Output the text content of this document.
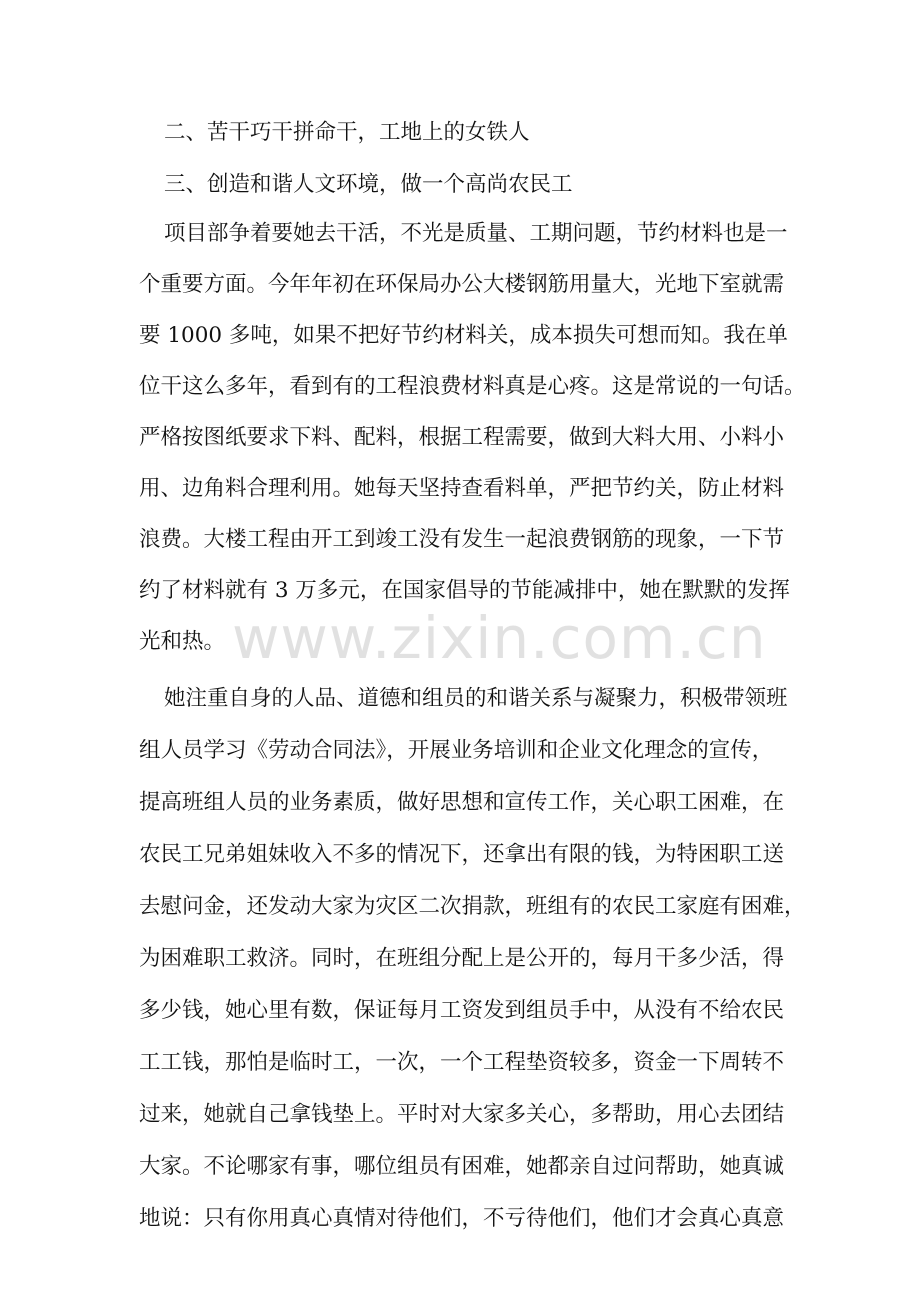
二、苦干巧干拼命干，工地上的女铁人
三、创造和谐人文环境，做一个高尚农民工
项目部争着要她去干活，不光是质量、工期问题，节约材料也是一
个重要方面。今年年初在环保局办公大楼钢筋用量大，光地下室就需
要 1000 多吨，如果不把好节约材料关，成本损失可想而知。我在单
位干这么多年，看到有的工程浪费材料真是心疼。这是常说的一句话。
严格按图纸要求下料、配料，根据工程需要，做到大料大用、小料小
用、边角料合理利用。她每天坚持查看料单，严把节约关，防止材料
浪费。大楼工程由开工到竣工没有发生一起浪费钢筋的现象，一下节
约了材料就有 3 万多元，在国家倡导的节能减排中，她在默默的发挥
光和热。
她注重自身的人品、道德和组员的和谐关系与凝聚力，积极带领班
组人员学习《劳动合同法》，开展业务培训和企业文化理念的宣传，
提高班组人员的业务素质，做好思想和宣传工作，关心职工困难，在
农民工兄弟姐妹收入不多的情况下，还拿出有限的钱，为特困职工送
去慰问金，还发动大家为灾区二次捐款，班组有的农民工家庭有困难，
为困难职工救济。同时，在班组分配上是公开的，每月干多少活，得
多少钱，她心里有数，保证每月工资发到组员手中，从没有不给农民
工工钱，那怕是临时工，一次，一个工程垫资较多，资金一下周转不
过来，她就自己拿钱垫上。平时对大家多关心，多帮助，用心去团结
大家。不论哪家有事，哪位组员有困难，她都亲自过问帮助，她真诚
地说：只有你用真心真情对待他们，不亏待他们，他们才会真心真意
www.zixin.com.cn
